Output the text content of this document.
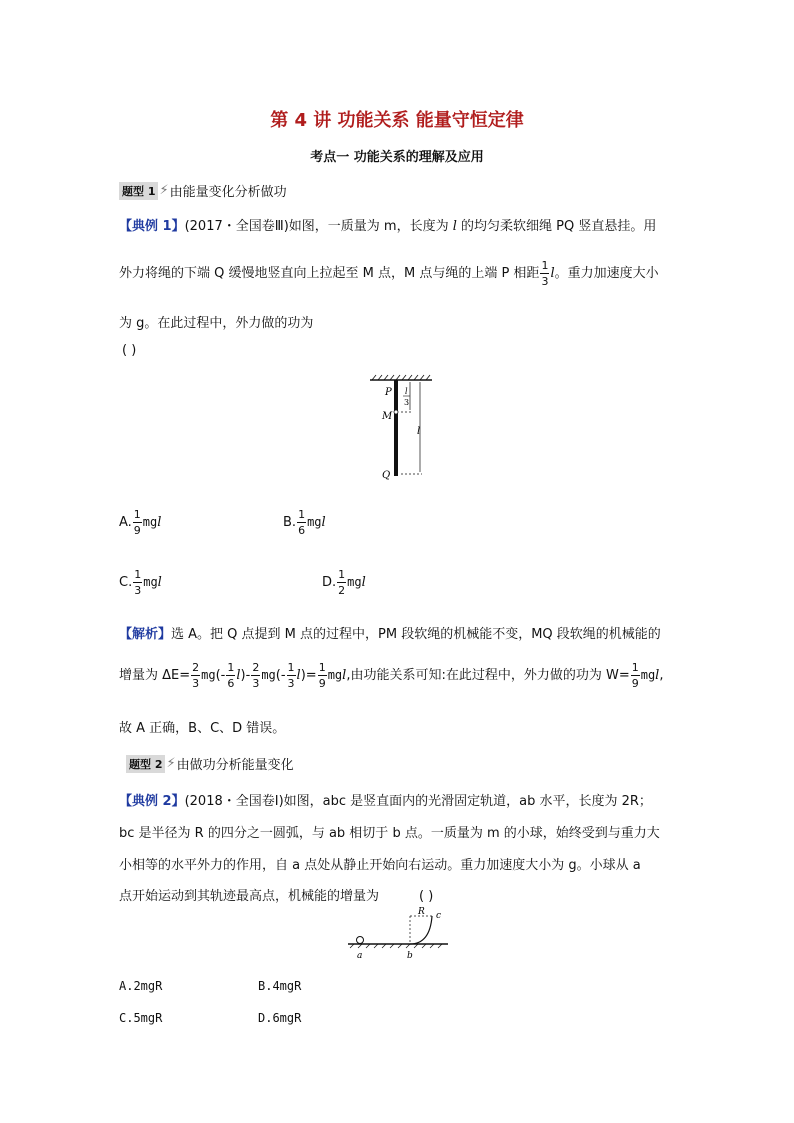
第 4 讲 功能关系 能量守恒定律
考点一 功能关系的理解及应用
题型 1 ⚡ 由能量变化分析做功
【典例 1】(2017・全国卷Ⅲ)如图，一质量为 m，长度为 l 的均匀柔软细绳 PQ 竖直悬挂。用
外力将绳的下端 Q 缓慢地竖直向上拉起至 M 点，M 点与绳的上端 P 相距 $\frac{1}{3}$ l。重力加速度大小
为 g。在此过程中，外力做的功为
( )
P
M
Q
l
3
l
A. $\frac{1}{9}$ mgl	B. $\frac{1}{6}$ mgl
C. $\frac{1}{3}$ mgl	D. $\frac{1}{2}$ mgl
【解析】选 A。把 Q 点提到 M 点的过程中，PM 段软绳的机械能不变，MQ 段软绳的机械能的
增量为 $\Delta E= \frac{2}{3} mg(- \frac{1}{6} l)- \frac{2}{3} mg(- \frac{1}{3} l)= \frac{1}{9}$ mgl,由功能关系可知:在此过程中，外力做的功为 $W= \frac{1}{9}$ mgl,
故 A 正确，B、C、D 错误。
题型 2 ⚡ 由做功分析能量变化
【典例 2】(2018・全国卷Ⅰ)如图，abc 是竖直面内的光滑固定轨道，ab 水平，长度为 2R；
bc 是半径为 R 的四分之一圆弧，与 ab 相切于 b 点。一质量为 m 的小球，始终受到与重力大
小相等的水平外力的作用，自 a 点处从静止开始向右运动。重力加速度大小为 g。小球从 a
点开始运动到其轨迹最高点，机械能的增量为	( )
a	b
c
R
A.2mgR	B.4mgR
C.5mgR	D.6mgR
